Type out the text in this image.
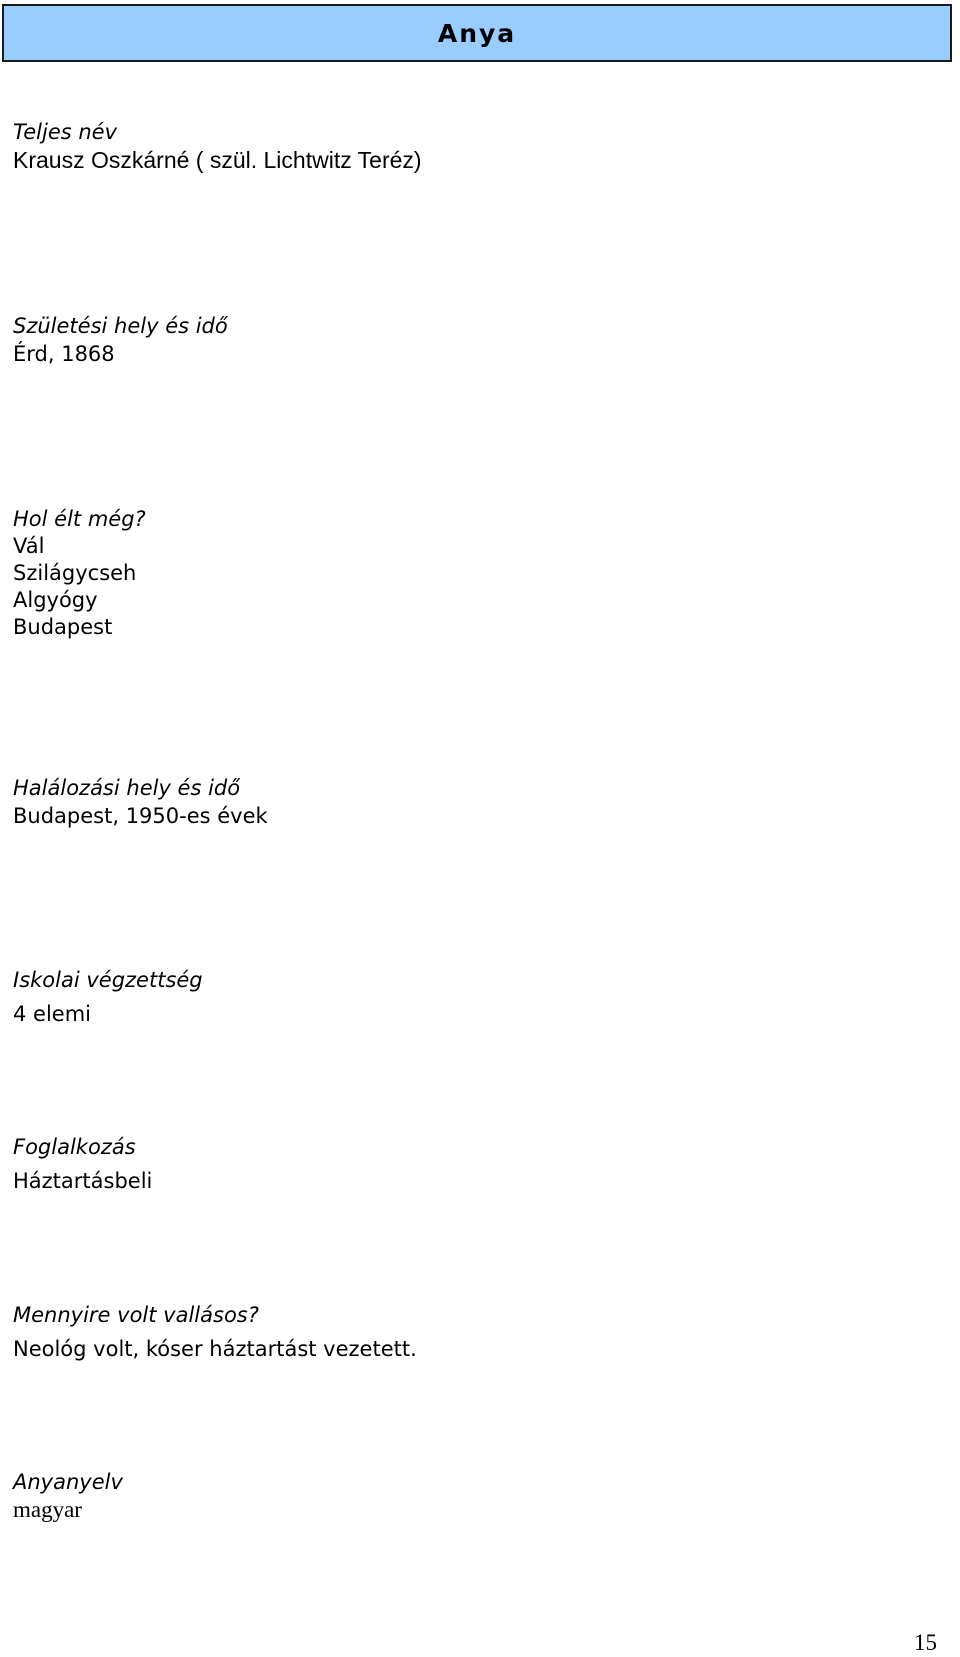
Anya
Teljes név
Krausz Oszkárné ( szül. Lichtwitz Teréz)
Születési hely és idő
Érd, 1868
Hol élt még?
Vál
Szilágycseh
Algyógy
Budapest
Halálozási hely és idő
Budapest, 1950-es évek
Iskolai végzettség
4 elemi
Foglalkozás
Háztartásbeli
Mennyire volt vallásos?
Neológ volt, kóser háztartást vezetett.
Anyanyelv
magyar
15
